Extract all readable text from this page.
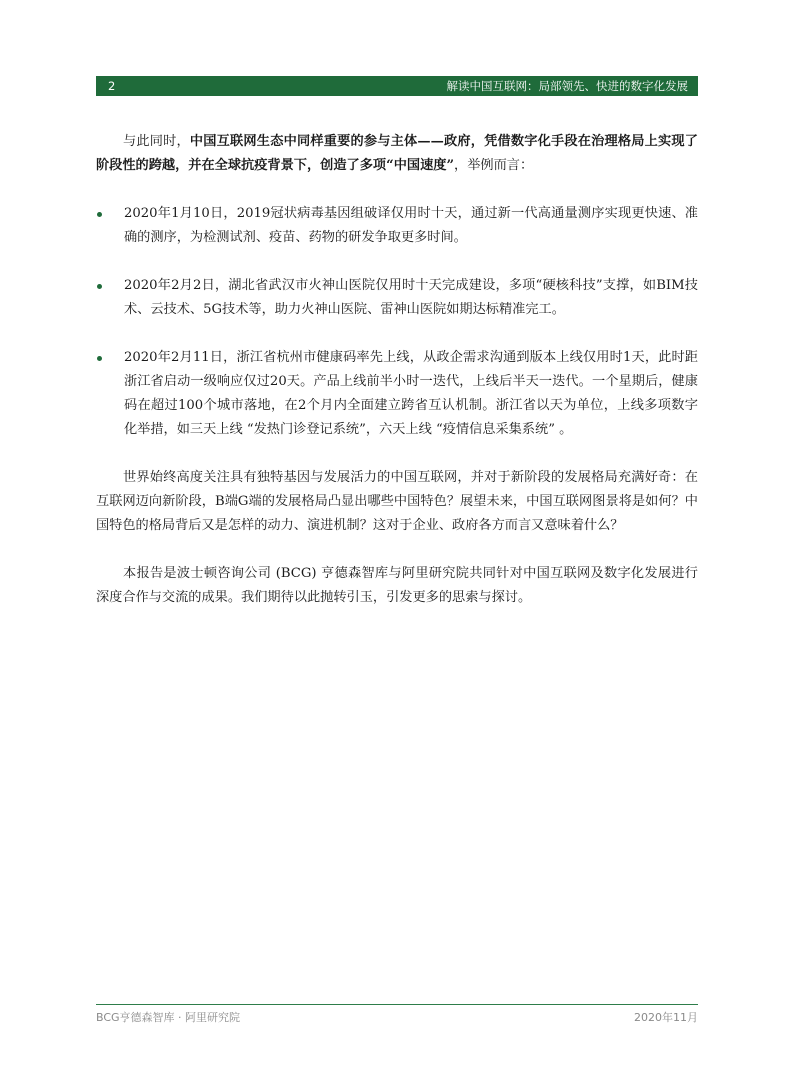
2	解读中国互联网：局部领先、快进的数字化发展

与此同时，中国互联网生态中同样重要的参与主体——政府，凭借数字化手段在治理格局上实现了阶段性的跨越，并在全球抗疫背景下，创造了多项“中国速度”，举例而言：

2020年1月10日，2019冠状病毒基因组破译仅用时十天，通过新一代高通量测序实现更快速、准确的测序，为检测试剂、疫苗、药物的研发争取更多时间。
2020年2月2日，湖北省武汉市火神山医院仅用时十天完成建设，多项“硬核科技”支撑，如BIM技术、云技术、5G技术等，助力火神山医院、雷神山医院如期达标精准完工。
2020年2月11日，浙江省杭州市健康码率先上线，从政企需求沟通到版本上线仅用时1天，此时距浙江省启动一级响应仅过20天。产品上线前半小时一迭代，上线后半天一迭代。一个星期后，健康码在超过100个城市落地，在2个月内全面建立跨省互认机制。浙江省以天为单位，上线多项数字化举措，如三天上线 “发热门诊登记系统”，六天上线 “疫情信息采集系统” 。

世界始终高度关注具有独特基因与发展活力的中国互联网，并对于新阶段的发展格局充满好奇：在互联网迈向新阶段，B端G端的发展格局凸显出哪些中国特色？展望未来，中国互联网图景将是如何？中国特色的格局背后又是怎样的动力、演进机制？这对于企业、政府各方而言又意味着什么？

本报告是波士顿咨询公司 (BCG) 亨德森智库与阿里研究院共同针对中国互联网及数字化发展进行深度合作与交流的成果。我们期待以此抛转引玉，引发更多的思索与探讨。

BCG亨德森智库 · 阿里研究院	2020年11月
